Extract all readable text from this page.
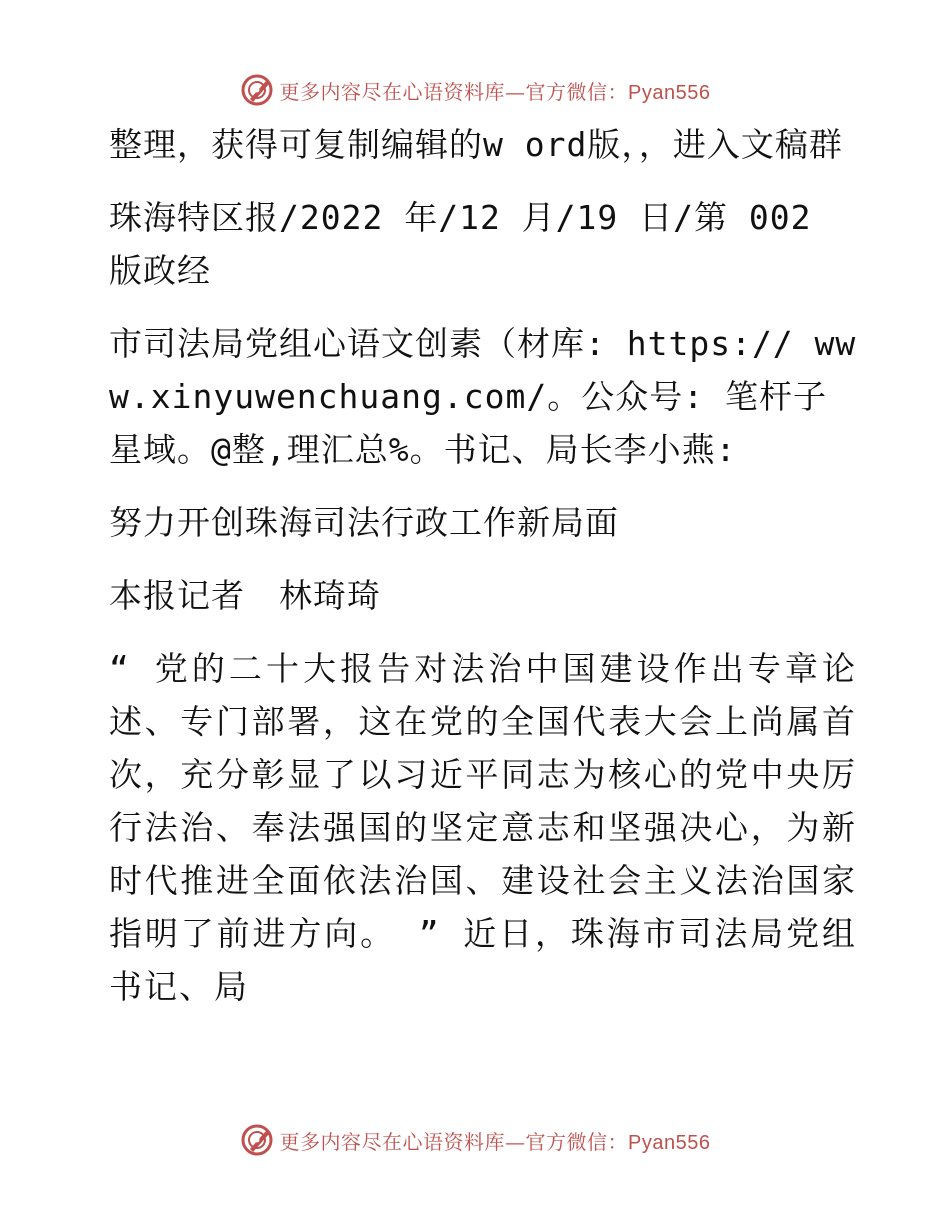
更多内容尽在心语资料库—官方微信：Pyan556

整理，获得可复制编辑的w ord版，，进入文稿群

珠海特区报/2022 年/12 月/19 日/第 002 版政经

市司法局党组心语文创素（材库: https:// www.xinyuwenchuang.com/。公众号: 笔杆子星域。@整,理汇总%。书记、局长李小燕:

努力开创珠海司法行政工作新局面

本报记者　林琦琦

“ 党的二十大报告对法治中国建设作出专章论述、专门部署，这在党的全国代表大会上尚属首次，充分彰显了以习近平同志为核心的党中央厉行法治、奉法强国的坚定意志和坚强决心，为新时代推进全面依法治国、建设社会主义法治国家指明了前进方向。 ” 近日，珠海市司法局党组书记、局

更多内容尽在心语资料库—官方微信：Pyan556
